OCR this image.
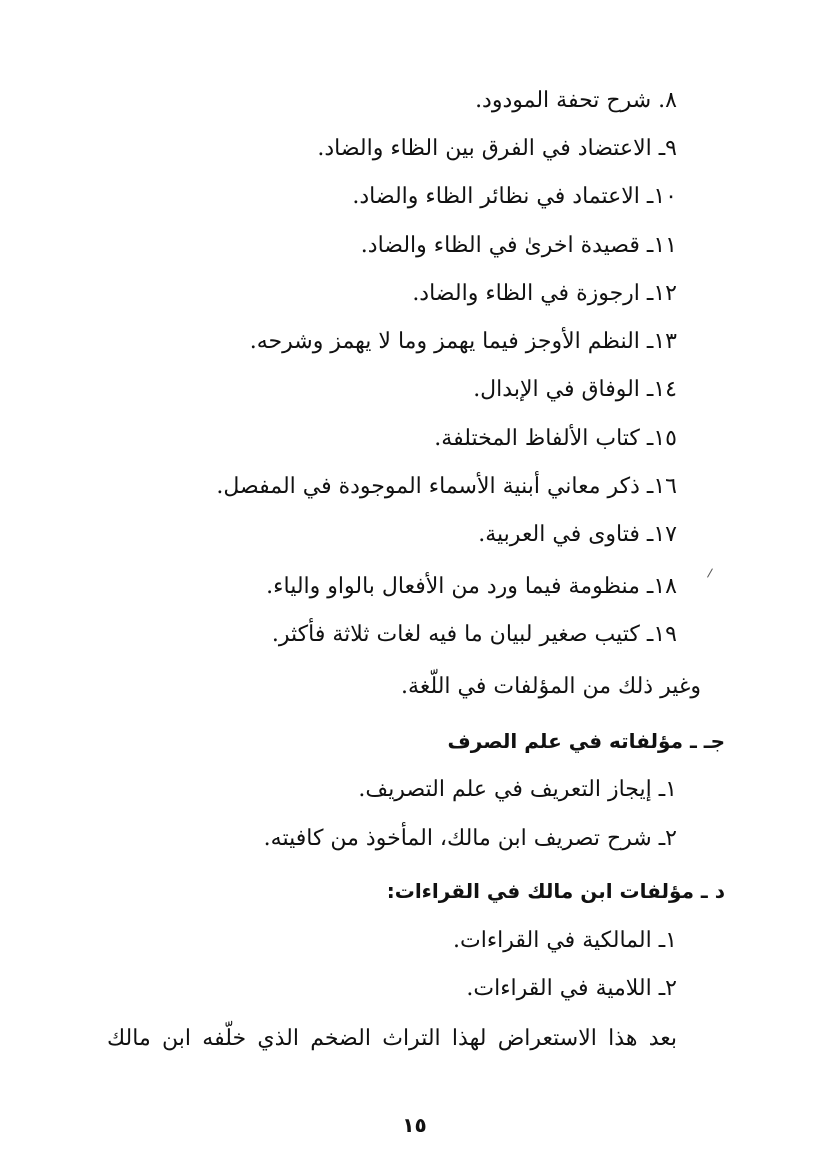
٨. شرح تحفة المودود.
٩ـ الاعتضاد في الفرق بين الظاء والضاد.
١٠ـ الاعتماد في نظائر الظاء والضاد.
١١ـ قصيدة اخرىٰ في الظاء والضاد.
١٢ـ ارجوزة في الظاء والضاد.
١٣ـ النظم الأوجز فيما يهمز وما لا يهمز وشرحه.
١٤ـ الوفاق في الإبدال.
١٥ـ كتاب الألفاظ المختلفة.
١٦ـ ذكر معاني أبنية الأسماء الموجودة في المفصل.
١٧ـ فتاوى في العربية.
١٨ـ منظومة فيما ورد من الأفعال بالواو والياء.
١٩ـ كتيب صغير لبيان ما فيه لغات ثلاثة فأكثر.
وغير ذلك من المؤلفات في اللّغة.
جـ ـ مؤلفاته في علم الصرف
١ـ إيجاز التعريف في علم التصريف.
٢ـ شرح تصريف ابن مالك، المأخوذ من كافيته.
د ـ مؤلفات ابن مالك في القراءات:
١ـ المالكية في القراءات.
٢ـ اللامية في القراءات.
بعد هذا الاستعراض لهذا التراث الضخم الذي خلّفه ابن مالك
١٥
